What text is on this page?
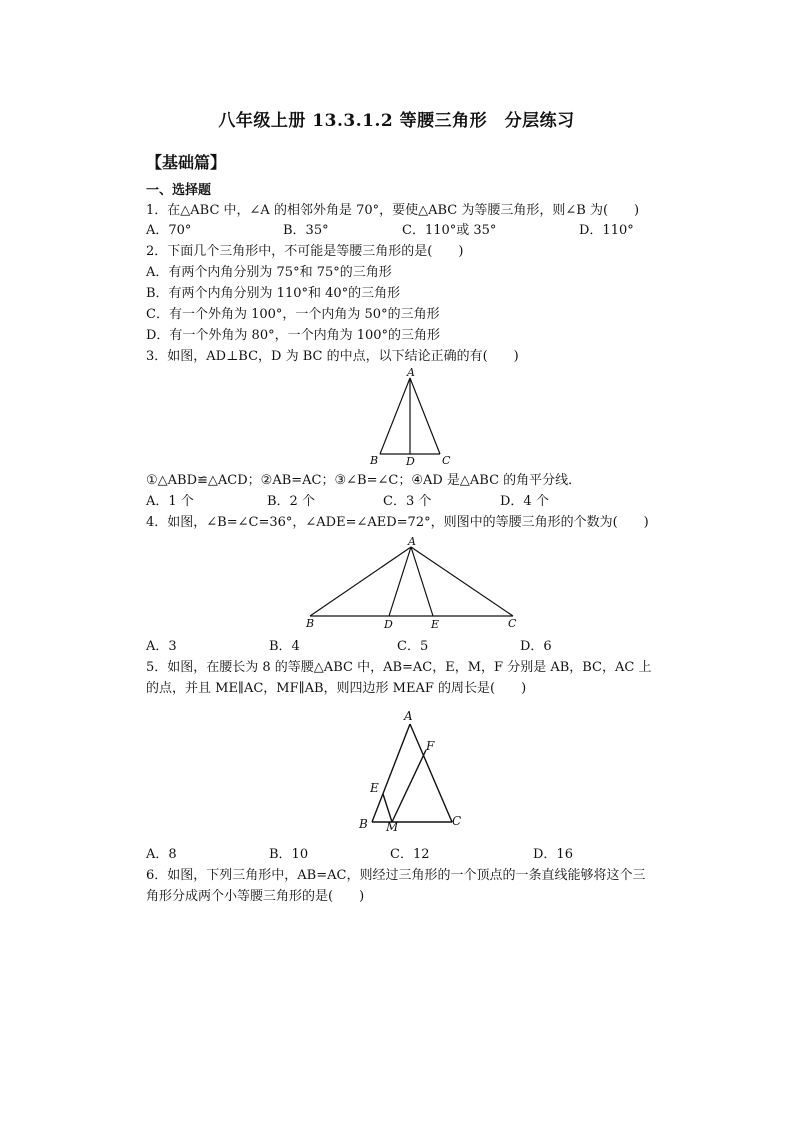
八年级上册 13.3.1.2 等腰三角形　分层练习
【基础篇】
一、选择题
1．在△ABC 中，∠A 的相邻外角是 70°，要使△ABC 为等腰三角形，则∠B 为(　　)
A．70°	B．35°	C．110°或 35°	D．110°
2．下面几个三角形中，不可能是等腰三角形的是(　　)
A．有两个内角分别为 75°和 75°的三角形
B．有两个内角分别为 110°和 40°的三角形
C．有一个外角为 100°，一个内角为 50°的三角形
D．有一个外角为 80°，一个内角为 100°的三角形
3．如图，AD⊥BC，D 为 BC 的中点，以下结论正确的有(　　)
A
B	D C
①△ABD≌△ACD；②AB=AC；③∠B=∠C；④AD 是△ABC 的角平分线．
A．1 个	B．2 个	C．3 个	D．4 个
4．如图，∠B=∠C=36°，∠ADE=∠AED=72°，则图中的等腰三角形的个数为(　　)
A
B	D	E	C
A．3	B．4	C．5	D．6
5．如图，在腰长为 8 的等腰△ABC 中，AB=AC，E，M，F 分别是 AB，BC，AC 上
的点，并且 ME∥AC，MF∥AB，则四边形 MEAF 的周长是(　　)
A
F
E
B M	C
A．8	B．10	C．12	D．16
6．如图，下列三角形中，AB=AC，则经过三角形的一个顶点的一条直线能够将这个三
角形分成两个小等腰三角形的是(　　)
